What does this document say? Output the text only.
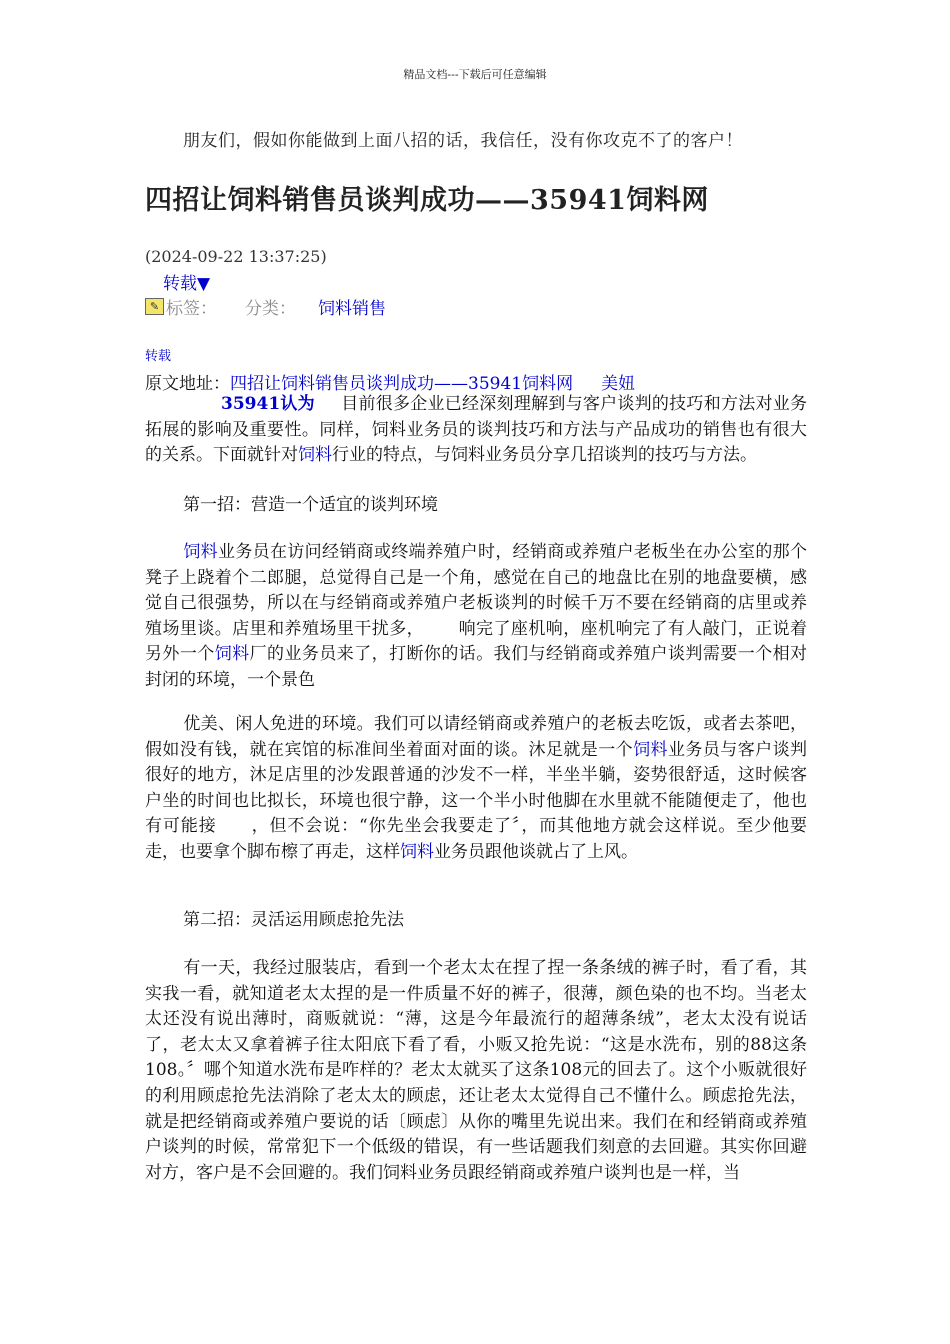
精品文档---下载后可任意编辑
朋友们，假如你能做到上面八招的话，我信任，没有你攻克不了的客户！
四招让饲料销售员谈判成功——35941饲料网
(2024-09-22 13:37:25)
转载▼
✎ 标签： 分类： 饲料销售
转载
原文地址：四招让饲料销售员谈判成功——35941饲料网 美妞
35941认为 目前很多企业已经深刻理解到与客户谈判的技巧和方法对业务拓展的影响及重要性。同样，饲料业务员的谈判技巧和方法与产品成功的销售也有很大的关系。下面就针对饲料行业的特点，与饲料业务员分享几招谈判的技巧与方法。
第一招：营造一个适宜的谈判环境
饲料业务员在访问经销商或终端养殖户时，经销商或养殖户老板坐在办公室的那个凳子上跷着个二郎腿，总觉得自己是一个角，感觉在自己的地盘比在别的地盘要横，感觉自己很强势，所以在与经销商或养殖户老板谈判的时候千万不要在经销商的店里或养殖场里谈。店里和养殖场里干扰多， 响完了座机响，座机响完了有人敲门，正说着另外一个饲料厂的业务员来了，打断你的话。我们与经销商或养殖户谈判需要一个相对封闭的环境，一个景色
优美、闲人免进的环境。我们可以请经销商或养殖户的老板去吃饭，或者去茶吧，假如没有钱，就在宾馆的标准间坐着面对面的谈。沐足就是一个饲料业务员与客户谈判很好的地方，沐足店里的沙发跟普通的沙发不一样，半坐半躺，姿势很舒适，这时候客户坐的时间也比拟长，环境也很宁静，这一个半小时他脚在水里就不能随便走了，他也有可能接 ，但不会说：“你先坐会我要走了〞，而其他地方就会这样说。至少他要走，也要拿个脚布檫了再走，这样饲料业务员跟他谈就占了上风。
第二招：灵活运用顾虑抢先法
有一天，我经过服装店，看到一个老太太在捏了捏一条条绒的裤子时，看了看，其实我一看，就知道老太太捏的是一件质量不好的裤子，很薄，颜色染的也不均。当老太太还没有说出薄时，商贩就说：“薄，这是今年最流行的超薄条绒”，老太太没有说话了，老太太又拿着裤子往太阳底下看了看，小贩又抢先说：“这是水洗布，别的88这条108。〞哪个知道水洗布是咋样的？老太太就买了这条108元的回去了。这个小贩就很好的利用顾虑抢先法消除了老太太的顾虑，还让老太太觉得自己不懂什么。顾虑抢先法，就是把经销商或养殖户要说的话〔顾虑〕从你的嘴里先说出来。我们在和经销商或养殖户谈判的时候，常常犯下一个低级的错误，有一些话题我们刻意的去回避。其实你回避对方，客户是不会回避的。我们饲料业务员跟经销商或养殖户谈判也是一样，当
